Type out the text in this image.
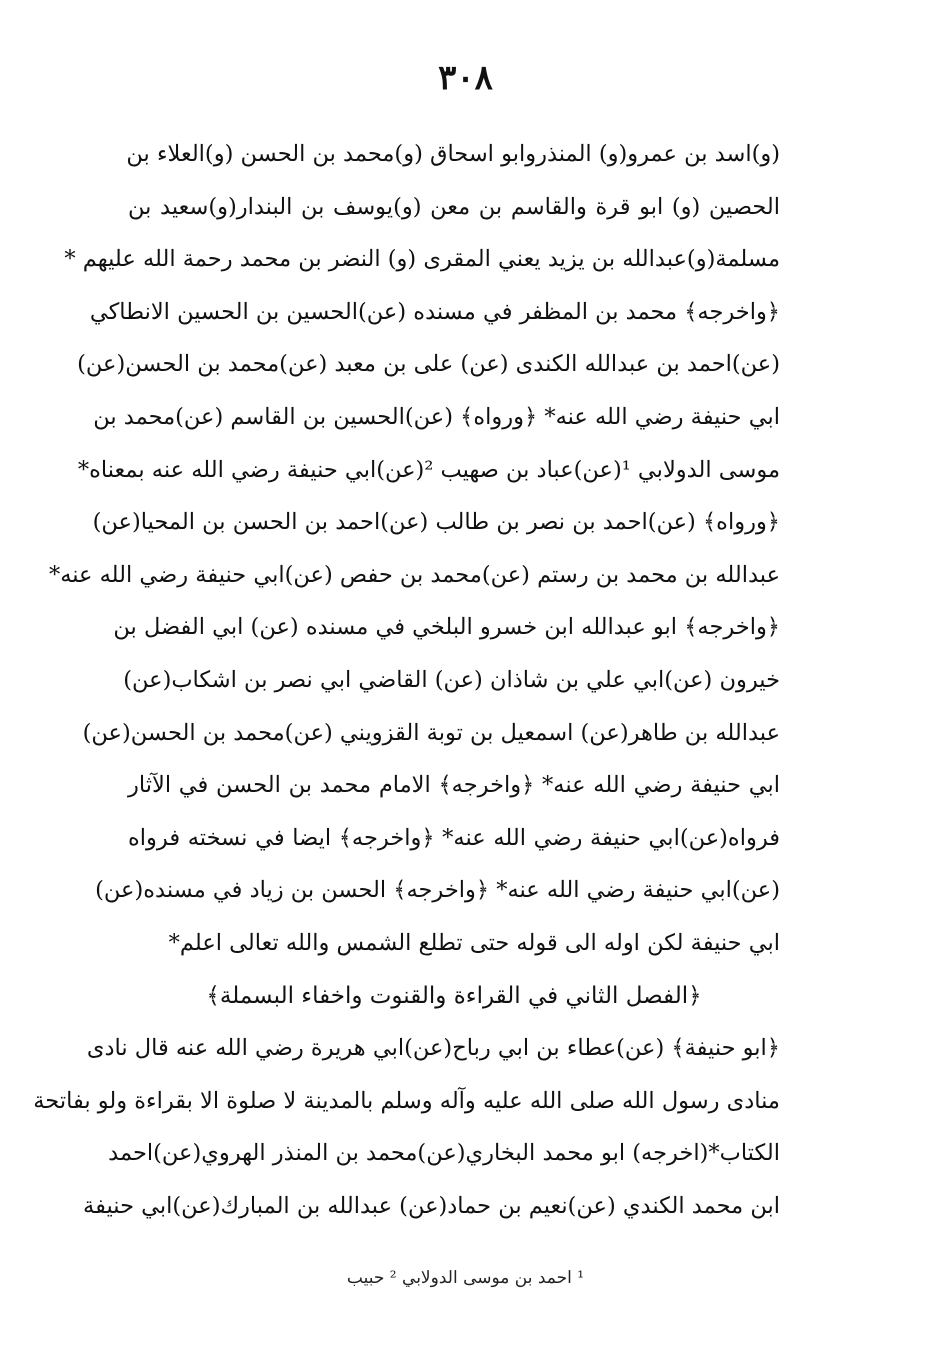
٣٠٨
(و)اسد بن عمرو(و) المنذروابو اسحاق (و)محمد بن الحسن (و)العلاء بن
الحصين (و) ابو قرة والقاسم بن معن (و)يوسف بن البندار(و)سعيد بن
مسلمة(و)عبدالله بن يزيد يعني المقرى (و) النضر بن محمد رحمة الله عليهم *
﴿واخرجه﴾ محمد بن المظفر في مسنده (عن)الحسين بن الحسين الانطاكي
(عن)احمد بن عبدالله الكندى (عن) على بن معبد (عن)محمد بن الحسن(عن)
ابي حنيفة رضي الله عنه* ﴿ورواه﴾ (عن)الحسين بن القاسم (عن)محمد بن
موسى الدولابي ¹(عن)عباد بن صهيب ²(عن)ابي حنيفة رضي الله عنه بمعناه*
﴿ورواه﴾ (عن)احمد بن نصر بن طالب (عن)احمد بن الحسن بن المحيا(عن)
عبدالله بن محمد بن رستم (عن)محمد بن حفص (عن)ابي حنيفة رضي الله عنه*
﴿واخرجه﴾ ابو عبدالله ابن خسرو البلخي في مسنده (عن) ابي الفضل بن
خيرون (عن)ابي علي بن شاذان (عن) القاضي ابي نصر بن اشكاب(عن)
عبدالله بن طاهر(عن) اسمعيل بن توبة القزويني (عن)محمد بن الحسن(عن)
ابي حنيفة رضي الله عنه* ﴿واخرجه﴾ الامام محمد بن الحسن في الآثار
فرواه(عن)ابي حنيفة رضي الله عنه* ﴿واخرجه﴾ ايضا في نسخته فرواه
(عن)ابي حنيفة رضي الله عنه* ﴿واخرجه﴾ الحسن بن زياد في مسنده(عن)
ابي حنيفة لكن اوله الى قوله حتى تطلع الشمس والله تعالى اعلم*
﴿الفصل الثاني في القراءة والقنوت واخفاء البسملة﴾
﴿ابو حنيفة﴾ (عن)عطاء بن ابي رباح(عن)ابي هريرة رضي الله عنه قال نادى
منادى رسول الله صلى الله عليه وآله وسلم بالمدينة لا صلوة الا بقراءة ولو بفاتحة
الكتاب*(اخرجه) ابو محمد البخاري(عن)محمد بن المنذر الهروي(عن)احمد
ابن محمد الكندي (عن)نعيم بن حماد(عن) عبدالله بن المبارك(عن)ابي حنيفة
¹ احمد بن موسى الدولابي ² حبيب
